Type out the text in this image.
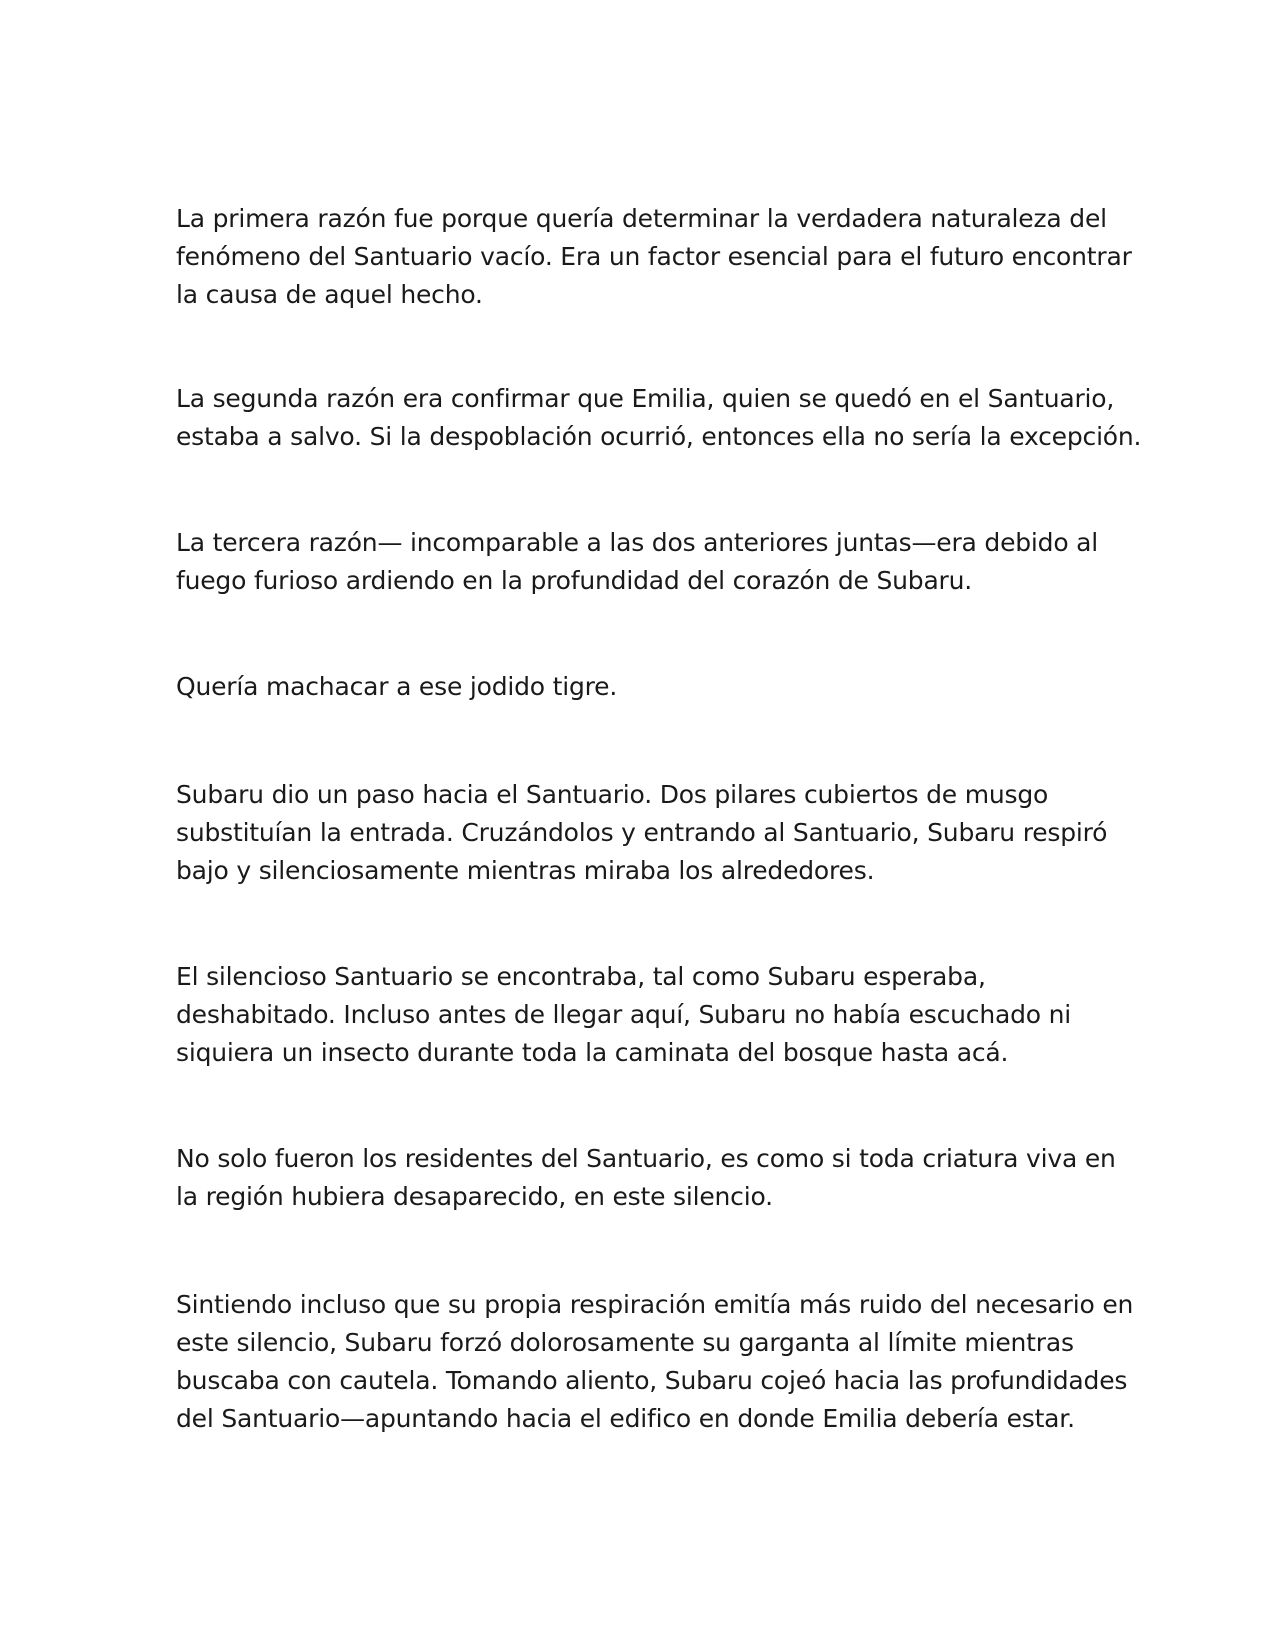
La primera razón fue porque quería determinar la verdadera naturaleza del
fenómeno del Santuario vacío. Era un factor esencial para el futuro encontrar
la causa de aquel hecho.

La segunda razón era confirmar que Emilia, quien se quedó en el Santuario,
estaba a salvo. Si la despoblación ocurrió, entonces ella no sería la excepción.

La tercera razón— incomparable a las dos anteriores juntas—era debido al
fuego furioso ardiendo en la profundidad del corazón de Subaru.

Quería machacar a ese jodido tigre.

Subaru dio un paso hacia el Santuario. Dos pilares cubiertos de musgo
substituían la entrada. Cruzándolos y entrando al Santuario, Subaru respiró
bajo y silenciosamente mientras miraba los alrededores.

El silencioso Santuario se encontraba, tal como Subaru esperaba,
deshabitado. Incluso antes de llegar aquí, Subaru no había escuchado ni
siquiera un insecto durante toda la caminata del bosque hasta acá.

No solo fueron los residentes del Santuario, es como si toda criatura viva en
la región hubiera desaparecido, en este silencio.

Sintiendo incluso que su propia respiración emitía más ruido del necesario en
este silencio, Subaru forzó dolorosamente su garganta al límite mientras
buscaba con cautela. Tomando aliento, Subaru cojeó hacia las profundidades
del Santuario—apuntando hacia el edifico en donde Emilia debería estar.
